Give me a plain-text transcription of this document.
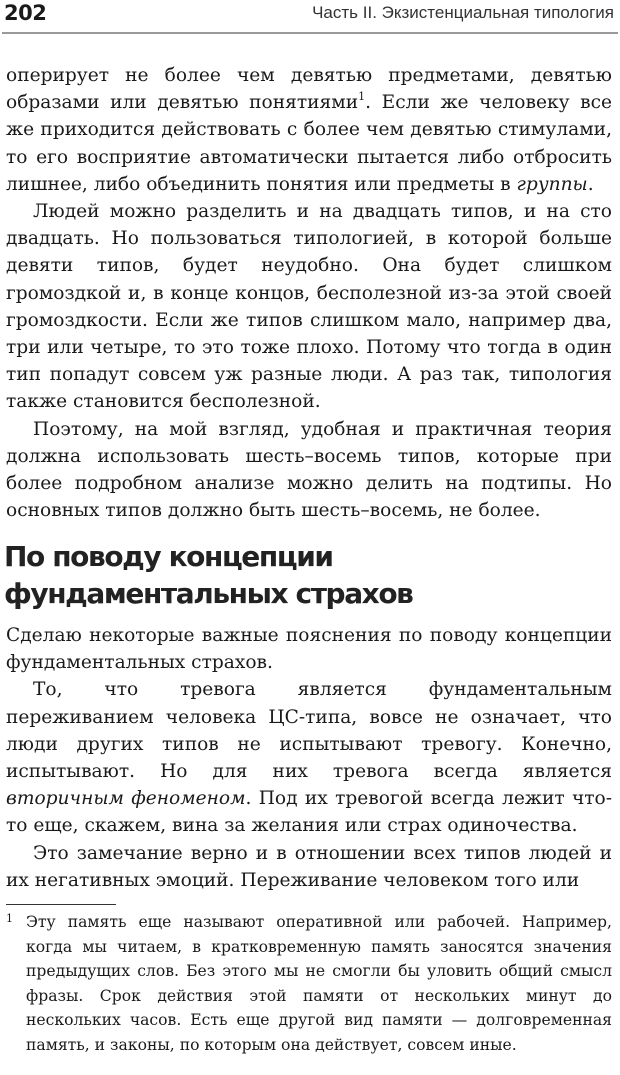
202	Часть II. Экзистенциальная типология

оперирует не более чем девятью предметами, девятью образами или девятью понятиями$^1$. Если же человеку все же приходится действовать с более чем девятью стимулами, то его восприятие автоматически пытается либо отбросить лишнее, либо объединить понятия или предметы в группы.

Людей можно разделить и на двадцать типов, и на сто двадцать. Но пользоваться типологией, в которой больше девяти типов, будет неудобно. Она будет слишком громоздкой и, в конце концов, бесполезной из-за этой своей громоздкости. Если же типов слишком мало, например два, три или четыре, то это тоже плохо. Потому что тогда в один тип попадут совсем уж разные люди. А раз так, типология также становится бесполезной.

Поэтому, на мой взгляд, удобная и практичная теория должна использовать шесть–восемь типов, которые при более подробном анализе можно делить на подтипы. Но основных типов должно быть шесть–восемь, не более.

По поводу концепции фундаментальных страхов

Сделаю некоторые важные пояснения по поводу концепции фундаментальных страхов.

То, что тревога является фундаментальным переживанием человека ЦС-типа, вовсе не означает, что люди других типов не испытывают тревогу. Конечно, испытывают. Но для них тревога всегда является вторичным феноменом. Под их тревогой всегда лежит что-то еще, скажем, вина за желания или страх одиночества.

Это замечание верно и в отношении всех типов людей и их негативных эмоций. Переживание человеком того или

1 Эту память еще называют оперативной или рабочей. Например, когда мы читаем, в кратковременную память заносятся значения предыдущих слов. Без этого мы не смогли бы уловить общий смысл фразы. Срок действия этой памяти от нескольких минут до нескольких часов. Есть еще другой вид памяти — долговременная память, и законы, по которым она действует, совсем иные.
